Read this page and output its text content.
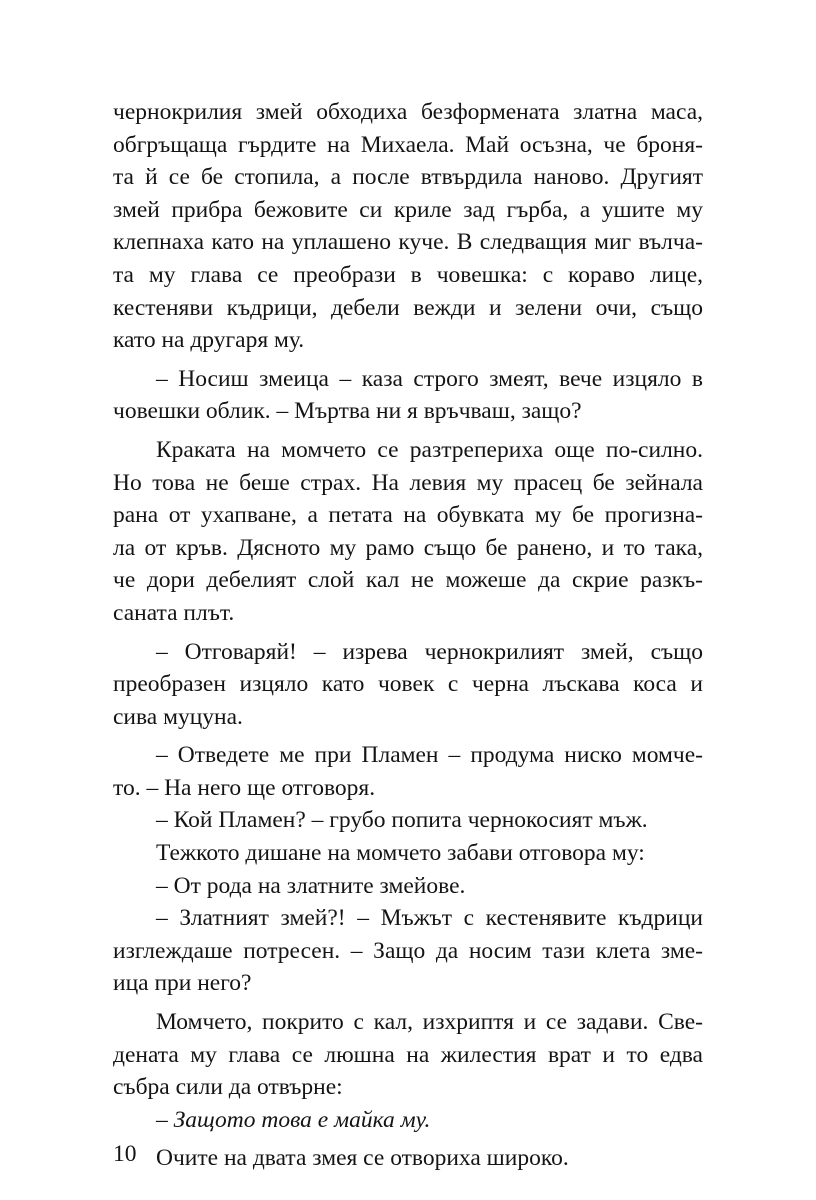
чернокрилия змей обходиха безформената златна маса,
обгръщаща гърдите на Михаела. Май осъзна, че броня-
та й се бе стопила, а после втвърдила наново. Другият
змей прибра бежовите си криле зад гърба, а ушите му
клепнаха като на уплашено куче. В следващия миг вълча-
та му глава се преобрази в човешка: с кораво лице,
кестеняви къдрици, дебели вежди и зелени очи, също
като на другаря му.

– Носиш змеица – каза строго змеят, вече изцяло в
човешки облик. – Мъртва ни я връчваш, защо?

Краката на момчето се разтрепериха още по-силно.
Но това не беше страх. На левия му прасец бе зейнала
рана от ухапване, а петата на обувката му бе прогизна-
ла от кръв. Дясното му рамо също бе ранено, и то така,
че дори дебелият слой кал не можеше да скрие разкъ-
саната плът.

– Отговаряй! – изрева чернокрилият змей, също
преобразен изцяло като човек с черна лъскава коса и
сива муцуна.

– Отведете ме при Пламен – продума ниско момче-
то. – На него ще отговоря.

– Кой Пламен? – грубо попита чернокосият мъж.

Тежкото дишане на момчето забави отговора му:

– От рода на златните змейове.

– Златният змей?! – Мъжът с кестенявите къдрици
изглеждаше потресен. – Защо да носим тази клета зме-
ица при него?

Момчето, покрито с кал, изхриптя и се задави. Све-
дената му глава се люшна на жилестия врат и то едва
събра сили да отвърне:

– Защото това е майка му.

Очите на двата змея се отвориха широко.

10
